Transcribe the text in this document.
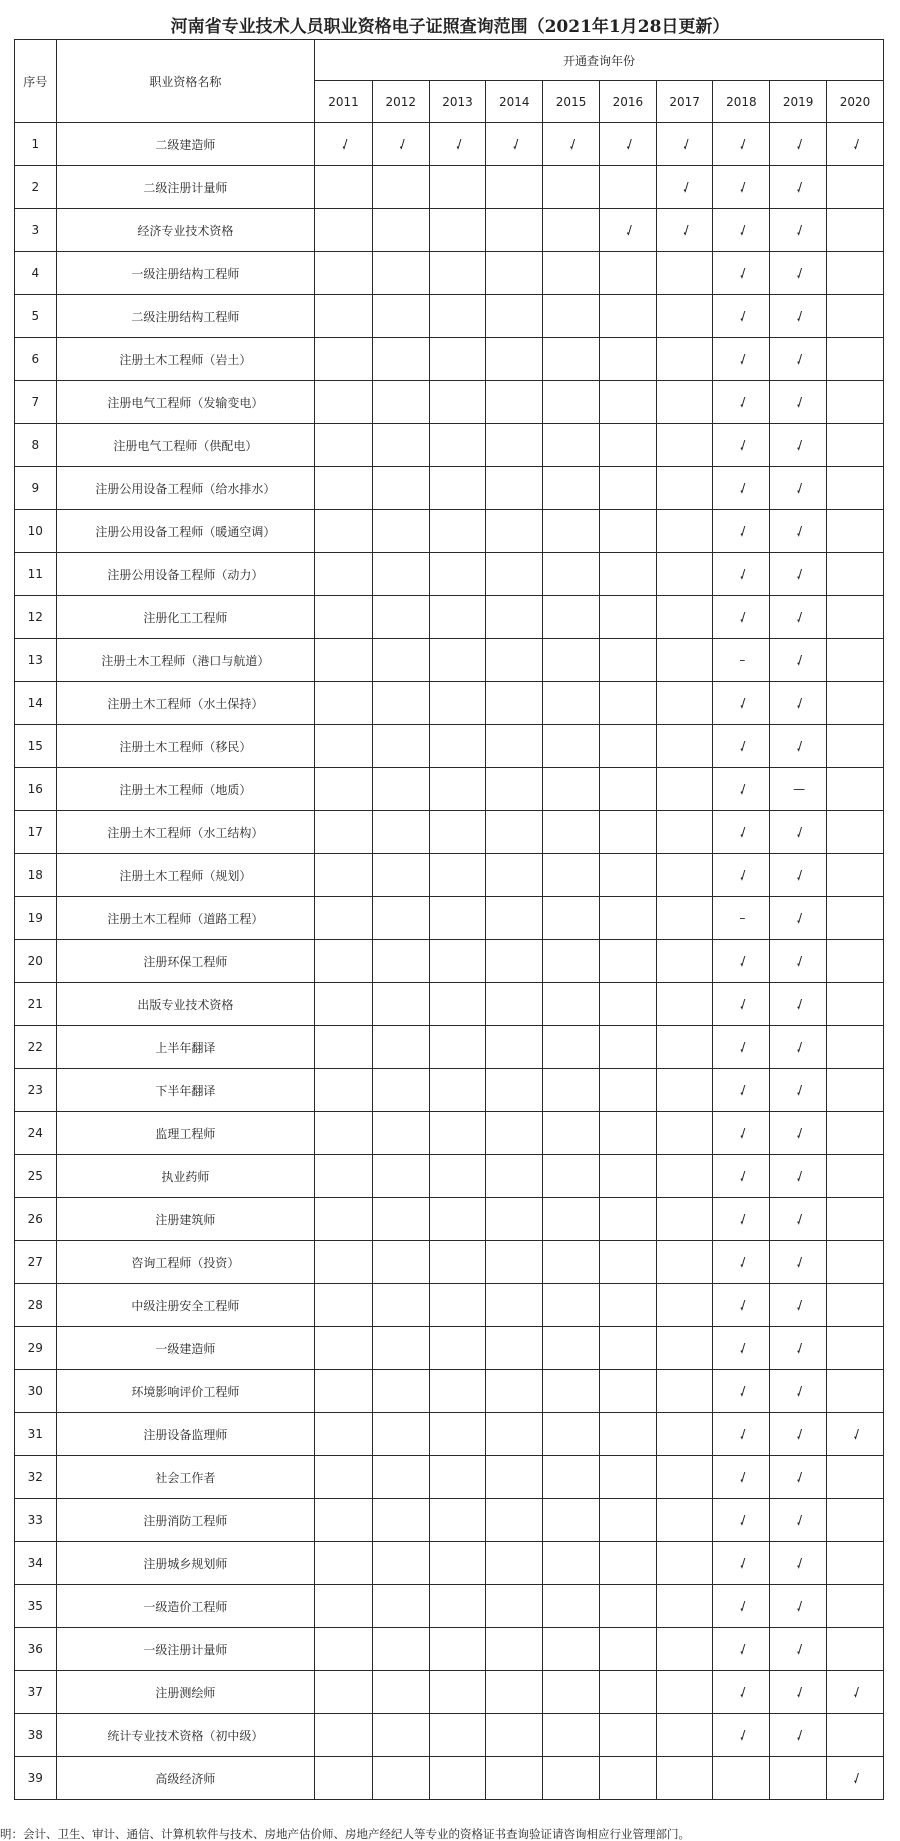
河南省专业技术人员职业资格电子证照查询范围（2021年1月28日更新）
序号	职业资格名称	开通查询年份									
		2011	2012	2013	2014	2015	2016	2017	2018	2019	2020
1	二级建造师	./	./	./	./	./	./	./	./	./	./
2	二级注册计量师							./	./	./	
3	经济专业技术资格						./	./	./	./	
4	一级注册结构工程师								./	./	
5	二级注册结构工程师								./	./	
6	注册土木工程师（岩土）								./	./	
7	注册电气工程师（发输变电）								./	./	
8	注册电气工程师（供配电）								./	./	
9	注册公用设备工程师（给水排水）								./	./	
10	注册公用设备工程师（暖通空调）								./	./	
11	注册公用设备工程师（动力）								./	./	
12	注册化工工程师								./	./	
13	注册土木工程师（港口与航道）								–	./	
14	注册土木工程师（水土保持）								./	./	
15	注册土木工程师（移民）								./	./	
16	注册土木工程师（地质）								./	—	
17	注册土木工程师（水工结构）								./	./	
18	注册土木工程师（规划）								./	./	
19	注册土木工程师（道路工程）								–	./	
20	注册环保工程师								./	./	
21	出版专业技术资格								./	./	
22	上半年翻译								./	./	
23	下半年翻译								./	./	
24	监理工程师								./	./	
25	执业药师								./	./	
26	注册建筑师								./	./	
27	咨询工程师（投资）								./	./	
28	中级注册安全工程师								./	./	
29	一级建造师								./	./	
30	环境影响评价工程师								./	./	
31	注册设备监理师								./	./	./
32	社会工作者								./	./	
33	注册消防工程师								./	./	
34	注册城乡规划师								./	./	
35	一级造价工程师								./	./	
36	一级注册计量师								./	./	
37	注册测绘师								./	./	./
38	统计专业技术资格（初中级）								./	./	
39	高级经济师										./
明：会计、卫生、审计、通信、计算机软件与技术、房地产估价师、房地产经纪人等专业的资格证书查询验证请咨询相应行业管理部门。
